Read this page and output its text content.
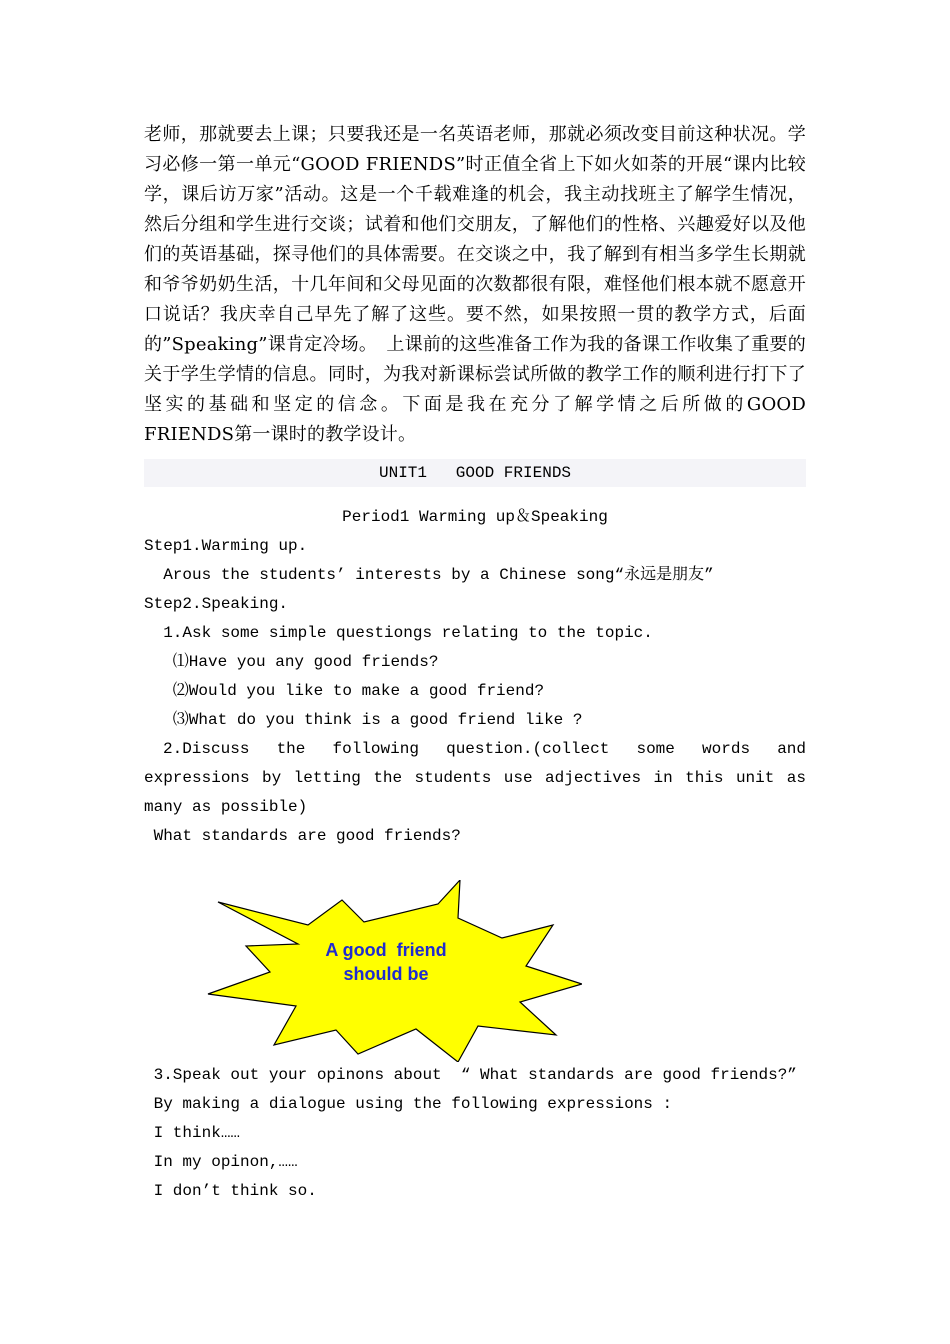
老师，那就要去上课；只要我还是一名英语老师，那就必须改变目前这种状况。学习必修一第一单元“GOOD FRIENDS”时正值全省上下如火如荼的开展“课内比较学，课后访万家”活动。这是一个千载难逢的机会，我主动找班主了解学生情况，然后分组和学生进行交谈；试着和他们交朋友，了解他们的性格、兴趣爱好以及他们的英语基础，探寻他们的具体需要。在交谈之中，我了解到有相当多学生长期就和爷爷奶奶生活，十几年间和父母见面的次数都很有限，难怪他们根本就不愿意开口说话？我庆幸自己早先了解了这些。要不然，如果按照一贯的教学方式，后面的”Speaking”课肯定冷场。　上课前的这些准备工作为我的备课工作收集了重要的关于学生学情的信息。同时，为我对新课标尝试所做的教学工作的顺利进行打下了坚实的基础和坚定的信念。下面是我在充分了解学情之后所做的GOOD FRIENDS第一课时的教学设计。

UNIT1   GOOD FRIENDS
Period1 Warming up＆Speaking

Step1.Warming up.

Arous the students’ interests by a Chinese song“永远是朋友”

Step2.Speaking.

1.Ask some simple questiongs relating to the topic.

⑴Have you any good friends?

⑵Would you like to make a good friend?

⑶What do you think is a good friend like ?

2.Discuss the following question.(collect some words and expressions by letting the students use adjectives in this unit as many as possible)

What standards are good friends?

A good  friend
should be

3.Speak out your opinons about  “ What standards are good friends?”

By making a dialogue using the following expressions :

I think……

In my opinon,……

I don’t think so.
